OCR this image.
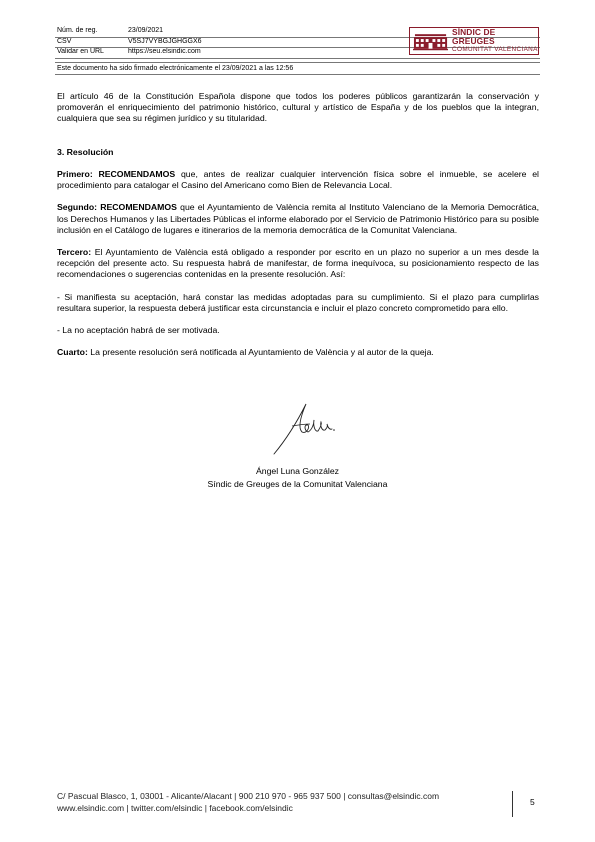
Núm. de reg.	23/09/2021
CSV	V5SJ7VYBGJGHGGX6
Validar en URL	https://seu.elsindic.com
Este documento ha sido firmado electrónicamente el 23/09/2021 a las 12:56
SÍNDIC DE GREUGES
COMUNITAT VALENCIANA

El artículo 46 de la Constitución Española dispone que todos los poderes públicos garantizarán la conservación y promoverán el enriquecimiento del patrimonio histórico, cultural y artístico de España y de los pueblos que la integran, cualquiera que sea su régimen jurídico y su titularidad.

3. Resolución

Primero: RECOMENDAMOS que, antes de realizar cualquier intervención física sobre el inmueble, se acelere el procedimiento para catalogar el Casino del Americano como Bien de Relevancia Local.

Segundo: RECOMENDAMOS que el Ayuntamiento de València remita al Instituto Valenciano de la Memoria Democrática, los Derechos Humanos y las Libertades Públicas el informe elaborado por el Servicio de Patrimonio Histórico para su posible inclusión en el Catálogo de lugares e itinerarios de la memoria democrática de la Comunitat Valenciana.

Tercero: El Ayuntamiento de València está obligado a responder por escrito en un plazo no superior a un mes desde la recepción del presente acto. Su respuesta habrá de manifestar, de forma inequívoca, su posicionamiento respecto de las recomendaciones o sugerencias contenidas en la presente resolución. Así:

- Si manifiesta su aceptación, hará constar las medidas adoptadas para su cumplimiento. Si el plazo para cumplirlas resultara superior, la respuesta deberá justificar esta circunstancia e incluir el plazo concreto comprometido para ello.

- La no aceptación habrá de ser motivada.

Cuarto: La presente resolución será notificada al Ayuntamiento de València y al autor de la queja.

Ángel Luna González
Síndic de Greuges de la Comunitat Valenciana
C/ Pascual Blasco, 1, 03001 - Alicante/Alacant | 900 210 970 - 965 937 500 | consultas@elsindic.com
www.elsindic.com | twitter.com/elsindic | facebook.com/elsindic
5
